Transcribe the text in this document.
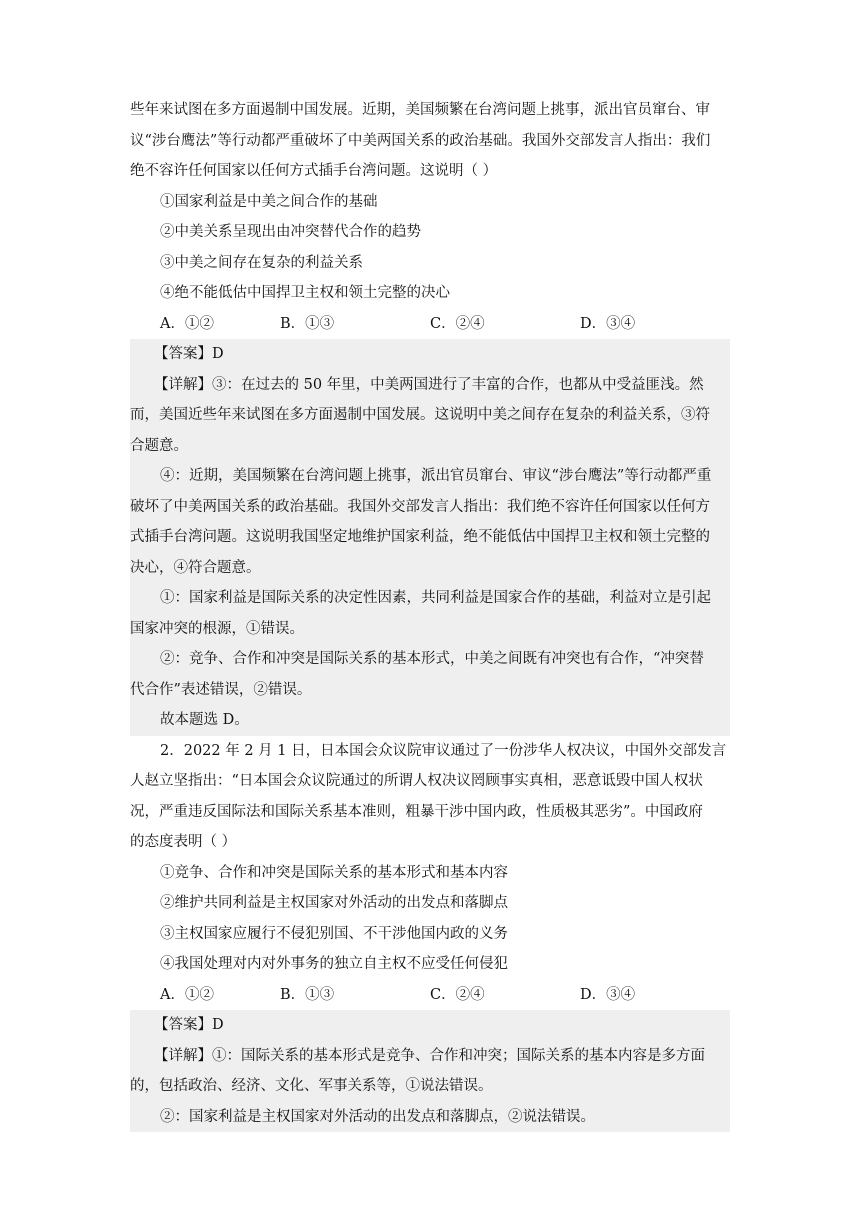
些年来试图在多方面遏制中国发展。近期，美国频繁在台湾问题上挑事，派出官员窜台、审
议“涉台鹰法”等行动都严重破坏了中美两国关系的政治基础。我国外交部发言人指出：我们
绝不容许任何国家以任何方式插手台湾问题。这说明（ ）
①国家利益是中美之间合作的基础
②中美关系呈现出由冲突替代合作的趋势
③中美之间存在复杂的利益关系
④绝不能低估中国捍卫主权和领土完整的决心
A．①②	B．①③	C．②④	D．③④
【答案】D
【详解】③：在过去的 50 年里，中美两国进行了丰富的合作，也都从中受益匪浅。然
而，美国近些年来试图在多方面遏制中国发展。这说明中美之间存在复杂的利益关系，③符
合题意。
④：近期，美国频繁在台湾问题上挑事，派出官员窜台、审议“涉台鹰法”等行动都严重
破坏了中美两国关系的政治基础。我国外交部发言人指出：我们绝不容许任何国家以任何方
式插手台湾问题。这说明我国坚定地维护国家利益，绝不能低估中国捍卫主权和领土完整的
决心，④符合题意。
①：国家利益是国际关系的决定性因素，共同利益是国家合作的基础，利益对立是引起
国家冲突的根源，①错误。
②：竞争、合作和冲突是国际关系的基本形式，中美之间既有冲突也有合作，“冲突替
代合作”表述错误，②错误。
故本题选 D。
2．2022 年 2 月 1 日，日本国会众议院审议通过了一份涉华人权决议，中国外交部发言
人赵立坚指出：“日本国会众议院通过的所谓人权决议罔顾事实真相，恶意诋毁中国人权状
况，严重违反国际法和国际关系基本准则，粗暴干涉中国内政，性质极其恶劣”。中国政府
的态度表明（ ）
①竞争、合作和冲突是国际关系的基本形式和基本内容
②维护共同利益是主权国家对外活动的出发点和落脚点
③主权国家应履行不侵犯别国、不干涉他国内政的义务
④我国处理对内对外事务的独立自主权不应受任何侵犯
A．①②	B．①③	C．②④	D．③④
【答案】D
【详解】①：国际关系的基本形式是竞争、合作和冲突；国际关系的基本内容是多方面
的，包括政治、经济、文化、军事关系等，①说法错误。
②：国家利益是主权国家对外活动的出发点和落脚点，②说法错误。
